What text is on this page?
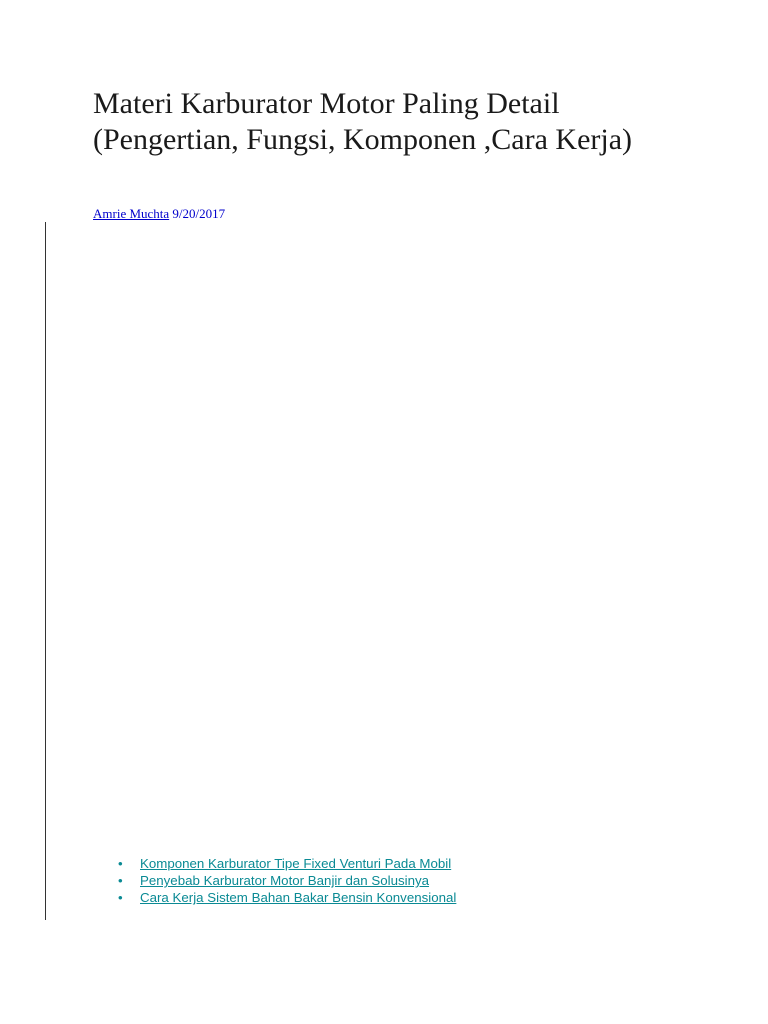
Materi Karburator Motor Paling Detail (Pengertian, Fungsi, Komponen ,Cara Kerja)
Amrie Muchta 9/20/2017
• Komponen Karburator Tipe Fixed Venturi Pada Mobil
• Penyebab Karburator Motor Banjir dan Solusinya
• Cara Kerja Sistem Bahan Bakar Bensin Konvensional
